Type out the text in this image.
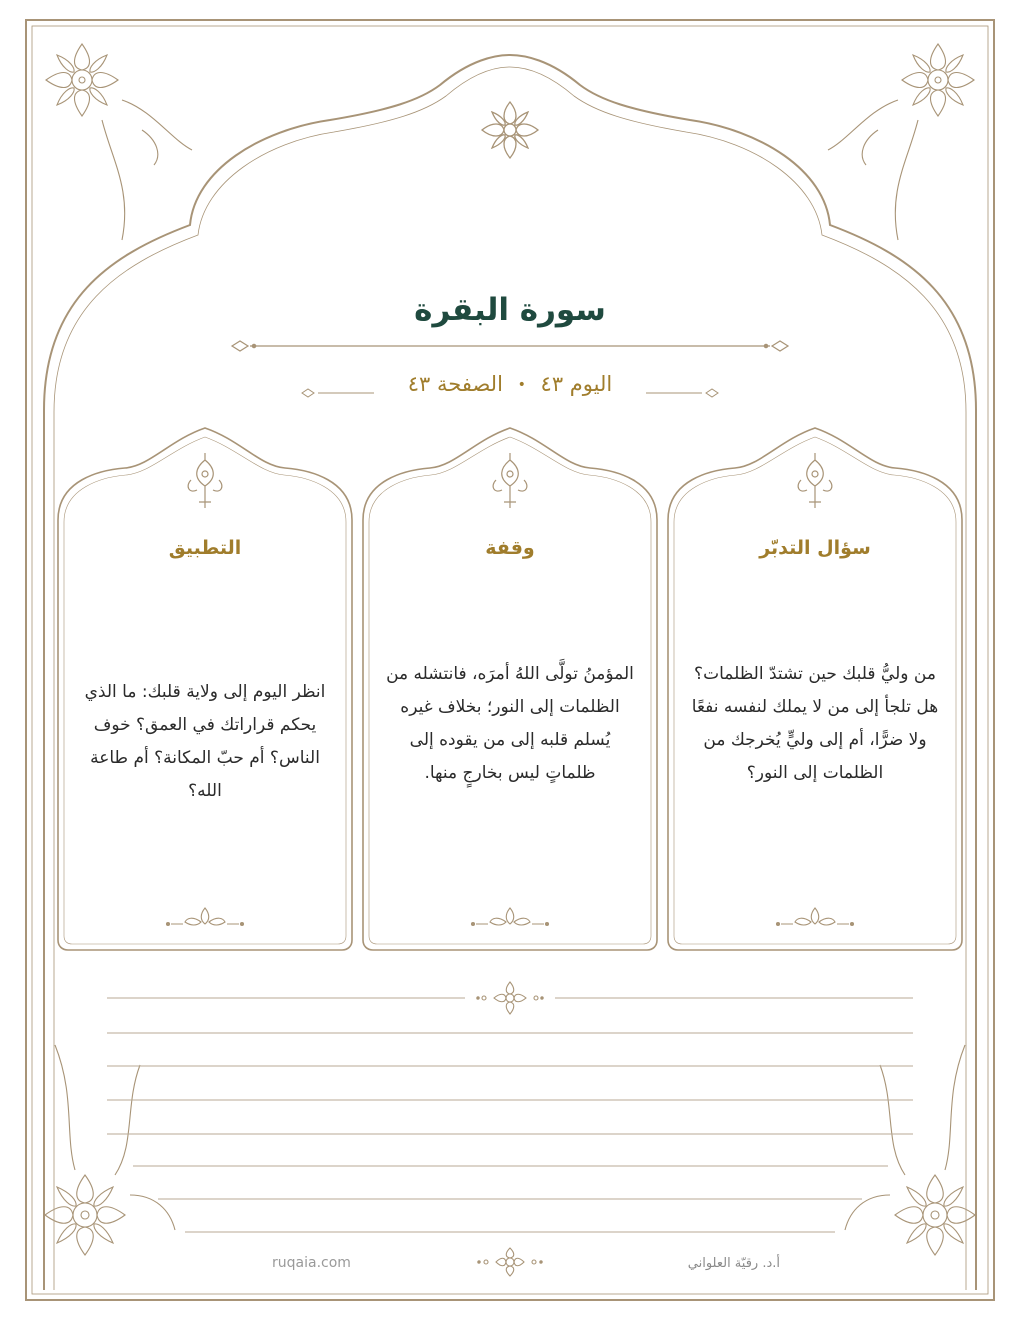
سورة البقرة
اليوم ٤٣ • الصفحة ٤٣
سؤال التدبّر
من وليُّ قلبك حين تشتدّ الظلمات؟ هل تلجأ إلى من لا يملك لنفسه نفعًا ولا ضرًّا، أم إلى وليٍّ يُخرجك من الظلمات إلى النور؟
وقفة
المؤمنُ تولَّى اللهُ أمرَه، فانتشله من الظلمات إلى النور؛ بخلاف غيره يُسلم قلبه إلى من يقوده إلى ظلماتٍ ليس بخارجٍ منها.
التطبيق
انظر اليوم إلى ولاية قلبك: ما الذي يحكم قراراتك في العمق؟ خوف الناس؟ أم حبّ المكانة؟ أم طاعة الله؟
ruqaia.com	أ.د. رقيّة العلواني
